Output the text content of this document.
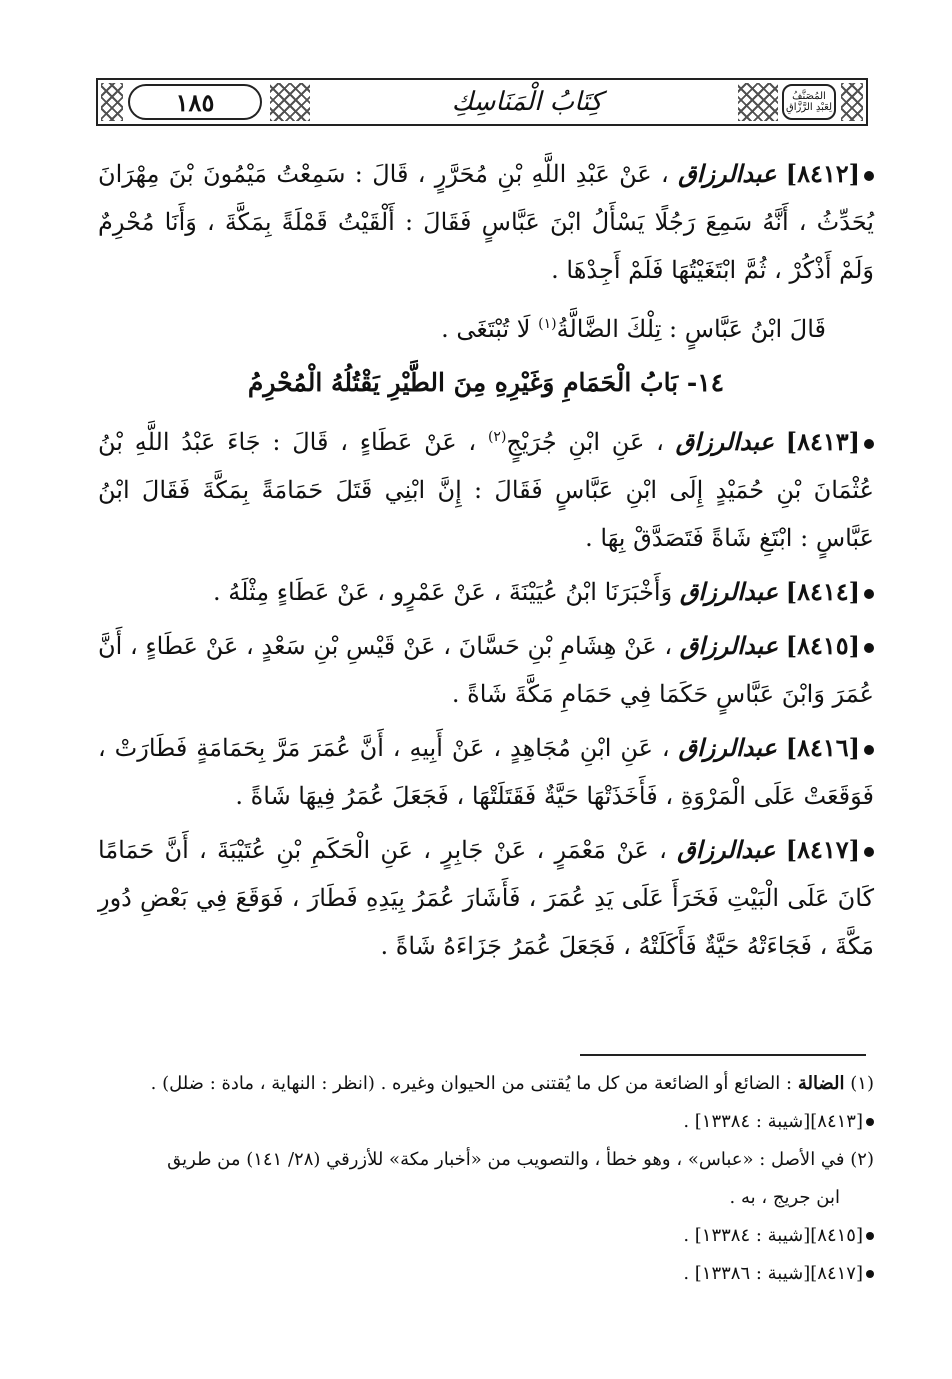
١٨٥	كِتَابُ الْمَنَاسِكِ	المُصَنَّفُ
لِعَبْدِ الرَّزَّاقِ

[٨٤١٢] عبدالرزاق ، عَنْ عَبْدِ اللَّهِ بْنِ مُحَرَّرٍ ، قَالَ : سَمِعْتُ مَيْمُونَ بْنَ مِهْرَانَ يُحَدِّثُ ، أَنَّهُ سَمِعَ رَجُلًا يَسْأَلُ ابْنَ عَبَّاسٍ فَقَالَ : أَلْقَيْتُ قَمْلَةً بِمَكَّةَ ، وَأَنَا مُحْرِمٌ وَلَمْ أَذْكُرْ ، ثُمَّ ابْتَغَيْتُهَا فَلَمْ أَجِدْهَا .

قَالَ ابْنُ عَبَّاسٍ : تِلْكَ الضَّالَّةُ$^{(١)}$ لَا تُبْتَغَى .

١٤- بَابُ الْحَمَامِ وَغَيْرِهِ مِنَ الطَّيْرِ يَقْتُلُهُ الْمُحْرِمُ

[٨٤١٣] عبدالرزاق ، عَنِ ابْنِ جُرَيْجٍ$^{(٢)}$ ، عَنْ عَطَاءٍ ، قَالَ : جَاءَ عَبْدُ اللَّهِ بْنُ عُثْمَانَ بْنِ حُمَيْدٍ إِلَى ابْنِ عَبَّاسٍ فَقَالَ : إِنَّ ابْنِي قَتَلَ حَمَامَةً بِمَكَّةَ فَقَالَ ابْنُ عَبَّاسٍ : ابْتَغِ شَاةً فَتَصَدَّقْ بِهَا .

[٨٤١٤] عبدالرزاق وَأَخْبَرَنَا ابْنُ عُيَيْنَةَ ، عَنْ عَمْرٍو ، عَنْ عَطَاءٍ مِثْلَهُ .

[٨٤١٥] عبدالرزاق ، عَنْ هِشَامِ بْنِ حَسَّانَ ، عَنْ قَيْسِ بْنِ سَعْدٍ ، عَنْ عَطَاءٍ ، أَنَّ عُمَرَ وَابْنَ عَبَّاسٍ حَكَمَا فِي حَمَامِ مَكَّةَ شَاةً .

[٨٤١٦] عبدالرزاق ، عَنِ ابْنِ مُجَاهِدٍ ، عَنْ أَبِيهِ ، أَنَّ عُمَرَ مَرَّ بِحَمَامَةٍ فَطَارَتْ ، فَوَقَعَتْ عَلَى الْمَرْوَةِ ، فَأَخَذَتْهَا حَيَّةٌ فَقَتَلَتْهَا ، فَجَعَلَ عُمَرُ فِيهَا شَاةً .

[٨٤١٧] عبدالرزاق ، عَنْ مَعْمَرٍ ، عَنْ جَابِرٍ ، عَنِ الْحَكَمِ بْنِ عُتَيْبَةَ ، أَنَّ حَمَامًا كَانَ عَلَى الْبَيْتِ فَخَرَأَ عَلَى يَدِ عُمَرَ ، فَأَشَارَ عُمَرُ بِيَدِهِ فَطَارَ ، فَوَقَعَ فِي بَعْضِ دُورِ مَكَّةَ ، فَجَاءَتْهُ حَيَّةٌ فَأَكَلَتْهُ ، فَجَعَلَ عُمَرُ جَزَاءَهُ شَاةً .

(١) الضالة : الضائع أو الضائعة من كل ما يُقتنى من الحيوان وغيره . (انظر : النهاية ، مادة : ضلل) .

[٨٤١٣][شيبة : ١٣٣٨٤] .

(٢) في الأصل : «عباس» ، وهو خطأ ، والتصويب من «أخبار مكة» للأزرقي (٢٨/ ١٤١) من طريق

ابن جريج ، به .

[٨٤١٥][شيبة : ١٣٣٨٤] .

[٨٤١٧][شيبة : ١٣٣٨٦] .
